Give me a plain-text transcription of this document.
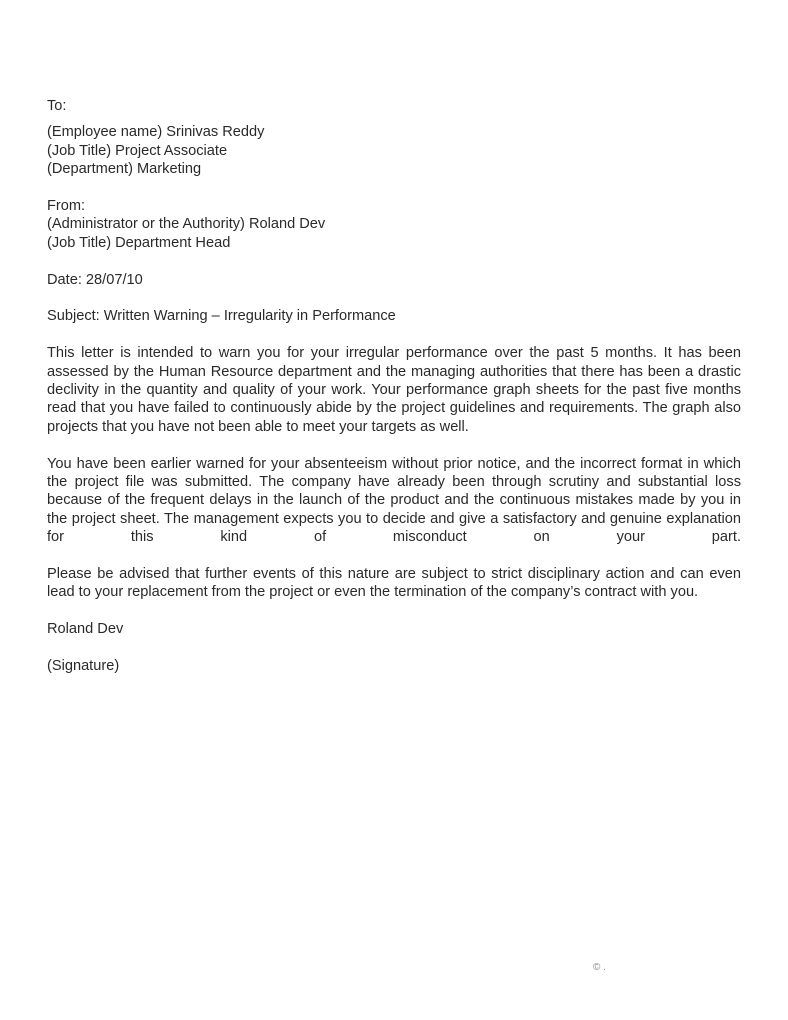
To:
(Employee name) Srinivas Reddy
(Job Title) Project Associate
(Department) Marketing
From:
(Administrator or the Authority) Roland Dev
(Job Title) Department Head
Date: 28/07/10
Subject: Written Warning – Irregularity in Performance

This letter is intended to warn you for your irregular performance over the past 5 months. It has been assessed by the Human Resource department and the managing authorities that there has been a drastic declivity in the quantity and quality of your work. Your performance graph sheets for the past five months read that you have failed to continuously abide by the project guidelines and requirements. The graph also projects that you have not been able to meet your targets as well.

You have been earlier warned for your absenteeism without prior notice, and the incorrect format in which the project file was submitted. The company have already been through scrutiny and substantial loss because of the frequent delays in the launch of the product and the continuous mistakes made by you in the project sheet. The management expects you to decide and give a satisfactory and genuine explanation for this kind of misconduct on your part.

Please be advised that further events of this nature are subject to strict disciplinary action and can even lead to your replacement from the project or even the termination of the company’s contract with you.

Roland Dev
(Signature)
© .
